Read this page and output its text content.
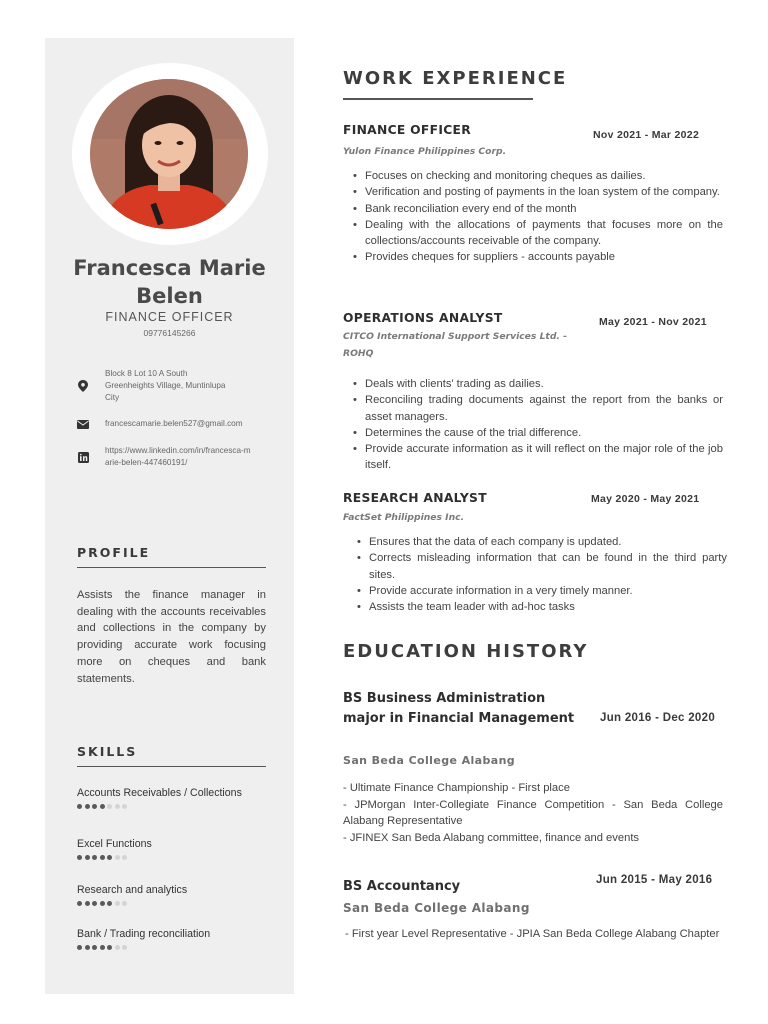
Francesca Marie Belen
FINANCE OFFICER
09776145266
Block 8 Lot 10 A South Greenheights Village, Muntinlupa City
francescamarie.belen527@gmail.com
https://www.linkedin.com/in/francesca-marie-belen-447460191/
PROFILE
Assists the finance manager in dealing with the accounts receivables and collections in the company by providing accurate work focusing more on cheques and bank statements.
SKILLS
Accounts Receivables / Collections
Excel Functions
Research and analytics
Bank / Trading reconciliation
WORK EXPERIENCE
FINANCE OFFICER	Nov 2021 - Mar 2022
Yulon Finance Philippines Corp.
• Focuses on checking and monitoring cheques as dailies.
• Verification and posting of payments in the loan system of the company.
• Bank reconciliation every end of the month
• Dealing with the allocations of payments that focuses more on the collections/accounts receivable of the company.
• Provides cheques for suppliers - accounts payable
OPERATIONS ANALYST	May 2021 - Nov 2021
CITCO International Support Services Ltd. - ROHQ
• Deals with clients' trading as dailies.
• Reconciling trading documents against the report from the banks or asset managers.
• Determines the cause of the trial difference.
• Provide accurate information as it will reflect on the major role of the job itself.
RESEARCH ANALYST	May 2020 - May 2021
FactSet Philippines Inc.
• Ensures that the data of each company is updated.
• Corrects misleading information that can be found in the third party sites.
• Provide accurate information in a very timely manner.
• Assists the team leader with ad-hoc tasks
EDUCATION HISTORY
BS Business Administration major in Financial Management	Jun 2016 - Dec 2020
San Beda College Alabang
- Ultimate Finance Championship - First place
- JPMorgan Inter-Collegiate Finance Competition - San Beda College Alabang Representative
- JFINEX San Beda Alabang committee, finance and events
BS Accountancy	Jun 2015 - May 2016
San Beda College Alabang
- First year Level Representative - JPIA San Beda College Alabang Chapter
